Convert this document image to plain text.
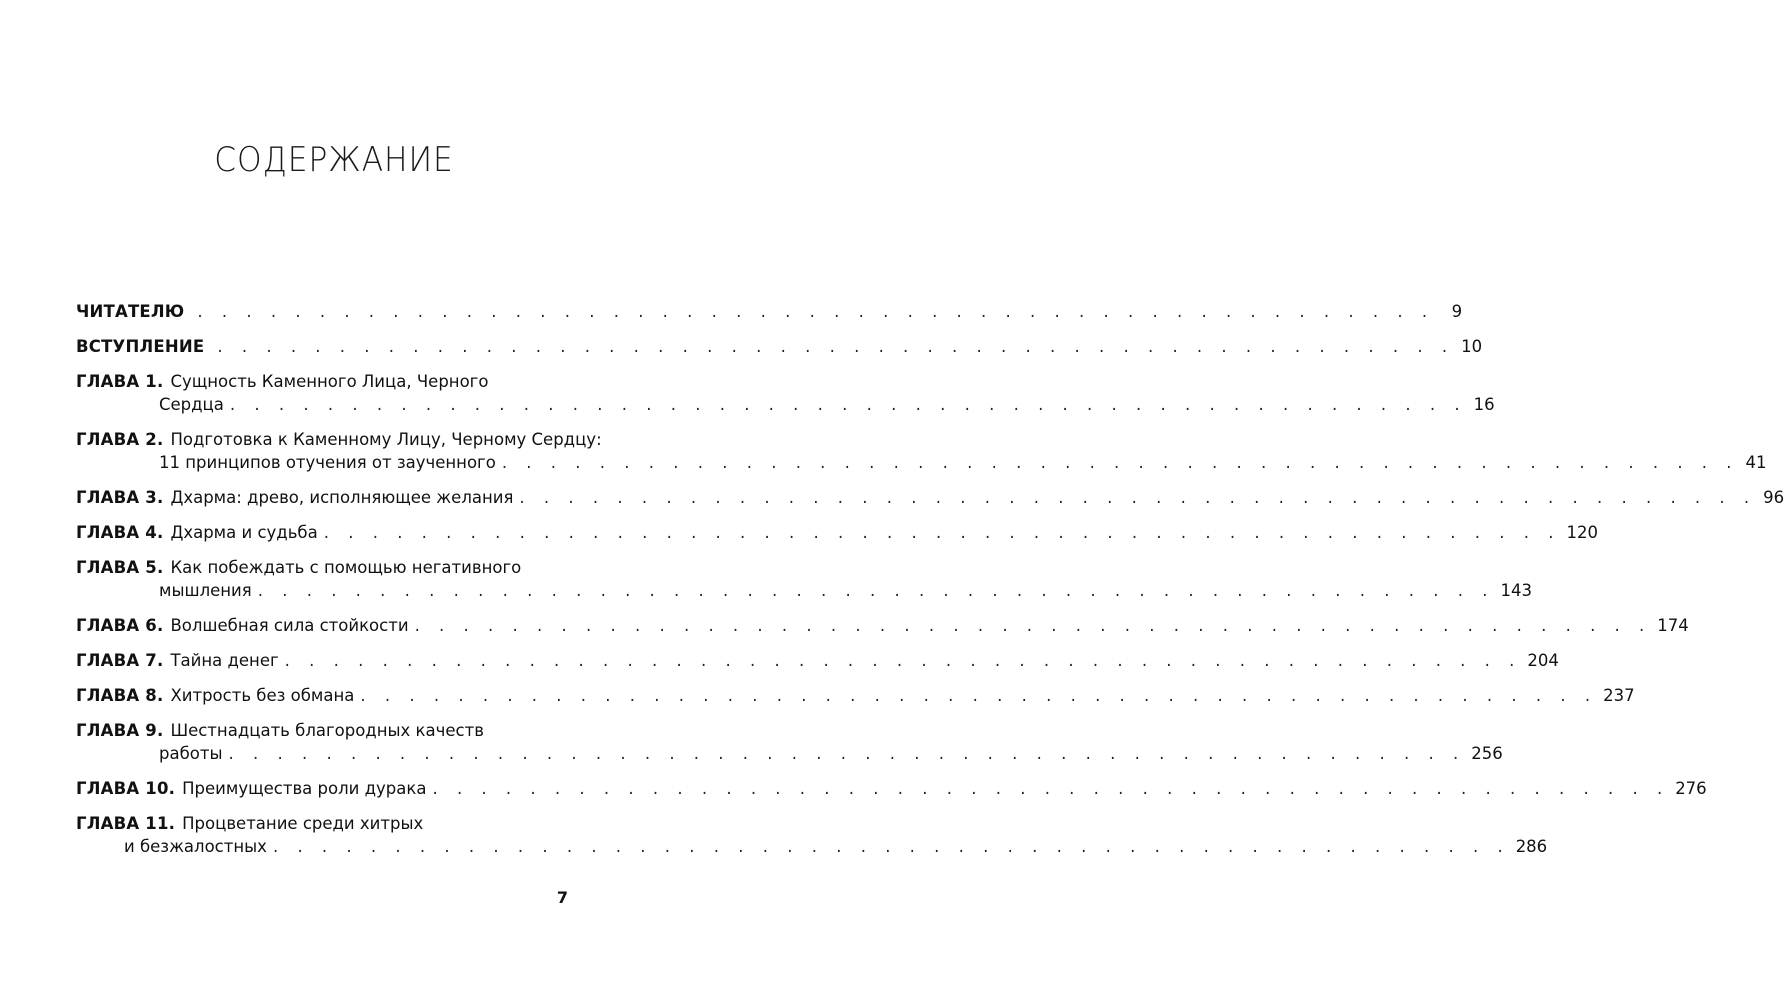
СОДЕРЖАНИЕ
ЧИТАТЕЛЮ . . . . . . . . . . . . . . . . . . . . . . . . . . . . . . . . . . . . . . . . . . . . . . . . . . .	9
ВСТУПЛЕНИЕ . . . . . . . . . . . . . . . . . . . . . . . . . . . . . . . . . . . . . . . . . . . . . . . . . . . 10
ГЛАВА 1. Сущность Каменного Лица, Черного
Сердца . . . . . . . . . . . . . . . . . . . . . . . . . . . . . . . . . . . . . . . . . . . . . . . . . . . 16
ГЛАВА 2. Подготовка к Каменному Лицу, Черному Сердцу:
11 принципов отучения от заученного . . . . . . . . . . . . . . . . . . . . . . . . . . . . . . . . . . . . . . . . . . . . . . . . . . . 41
ГЛАВА 3. Дхарма: древо, исполняющее желания . . . . . . . . . . . . . . . . . . . . . . . . . . . . . . . . . . . . . . . . . . . . . . . . . . . 96
ГЛАВА 4. Дхарма и судьба . . . . . . . . . . . . . . . . . . . . . . . . . . . . . . . . . . . . . . . . . . . . . . . . . . . 120
ГЛАВА 5. Как побеждать с помощью негативного
мышления . . . . . . . . . . . . . . . . . . . . . . . . . . . . . . . . . . . . . . . . . . . . . . . . . . . 143
ГЛАВА 6. Волшебная сила стойкости . . . . . . . . . . . . . . . . . . . . . . . . . . . . . . . . . . . . . . . . . . . . . . . . . . . 174
ГЛАВА 7. Тайна денег . . . . . . . . . . . . . . . . . . . . . . . . . . . . . . . . . . . . . . . . . . . . . . . . . . . 204
ГЛАВА 8. Хитрость без обмана . . . . . . . . . . . . . . . . . . . . . . . . . . . . . . . . . . . . . . . . . . . . . . . . . . . 237
ГЛАВА 9. Шестнадцать благородных качеств
работы . . . . . . . . . . . . . . . . . . . . . . . . . . . . . . . . . . . . . . . . . . . . . . . . . . . 256
ГЛАВА 10. Преимущества роли дурака . . . . . . . . . . . . . . . . . . . . . . . . . . . . . . . . . . . . . . . . . . . . . . . . . . . 276
ГЛАВА 11. Процветание среди хитрых
и безжалостных . . . . . . . . . . . . . . . . . . . . . . . . . . . . . . . . . . . . . . . . . . . . . . . . . . . 286
7
